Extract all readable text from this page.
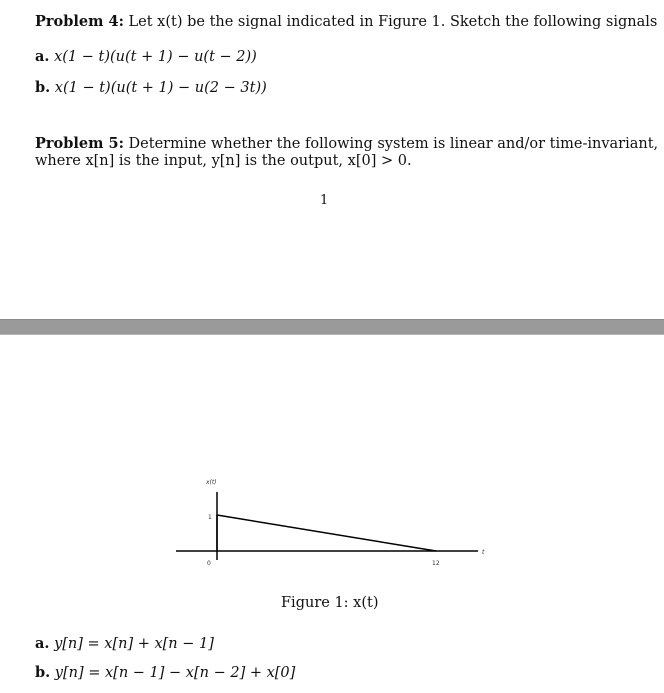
Problem 4: Let x(t) be the signal indicated in Figure 1. Sketch the following signals
a. x(1 − t)(u(t + 1) − u(t − 2))
b. x(1 − t)(u(t + 1) − u(2 − 3t))
Problem 5: Determine whether the following system is linear and/or time-invariant,
where x[n] is the input, y[n] is the output, x[0] > 0.
1
x(t)
t
1
0	12
Figure 1: x(t)
a. y[n] = x[n] + x[n − 1]
b. y[n] = x[n − 1] − x[n − 2] + x[0]
